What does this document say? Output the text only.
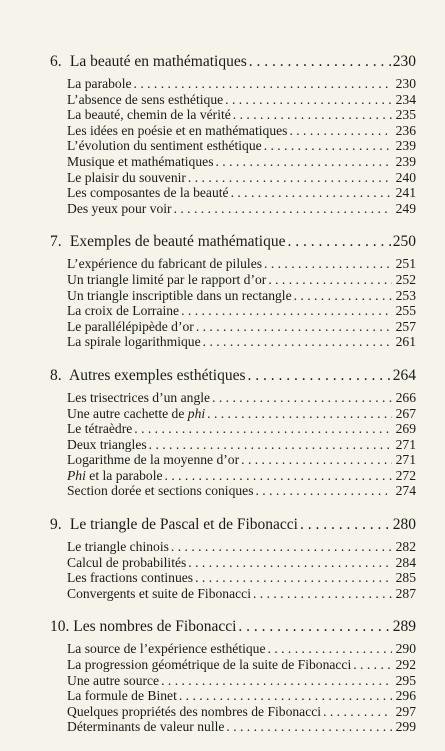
6. La beauté en mathématiques . . .	230
La parabole . . .	230
L’absence de sens esthétique . . .	234
La beauté, chemin de la vérité . . .	235
Les idées en poésie et en mathématiques . . .	236
L’évolution du sentiment esthétique . . .	239
Musique et mathématiques . . .	239
Le plaisir du souvenir . . .	240
Les composantes de la beauté . . .	241
Des yeux pour voir . . .	249
7. Exemples de beauté mathématique . . .	250
L’expérience du fabricant de pilules . . .	251
Un triangle limité par le rapport d’or . . .	252
Un triangle inscriptible dans un rectangle . . .	253
La croix de Lorraine . . .	255
Le parallélépipède d’or . . .	257
La spirale logarithmique . . .	261
8. Autres exemples esthétiques . . .	264
Les trisectrices d’un angle . . .	266
Une autre cachette de phi . . .	267
Le tétraèdre . . .	269
Deux triangles . . .	271
Logarithme de la moyenne d’or . . .	271
Phi et la parabole . . .	272
Section dorée et sections coniques . . .	274
9. Le triangle de Pascal et de Fibonacci . . .	280
Le triangle chinois . . .	282
Calcul de probabilités . . .	284
Les fractions continues . . .	285
Convergents et suite de Fibonacci . . .	287
10. Les nombres de Fibonacci . . .	289
La source de l’expérience esthétique . . .	290
La progression géométrique de la suite de Fibonacci . . .	292
Une autre source . . .	295
La formule de Binet . . .	296
Quelques propriétés des nombres de Fibonacci . . .	297
Déterminants de valeur nulle . . .	299
